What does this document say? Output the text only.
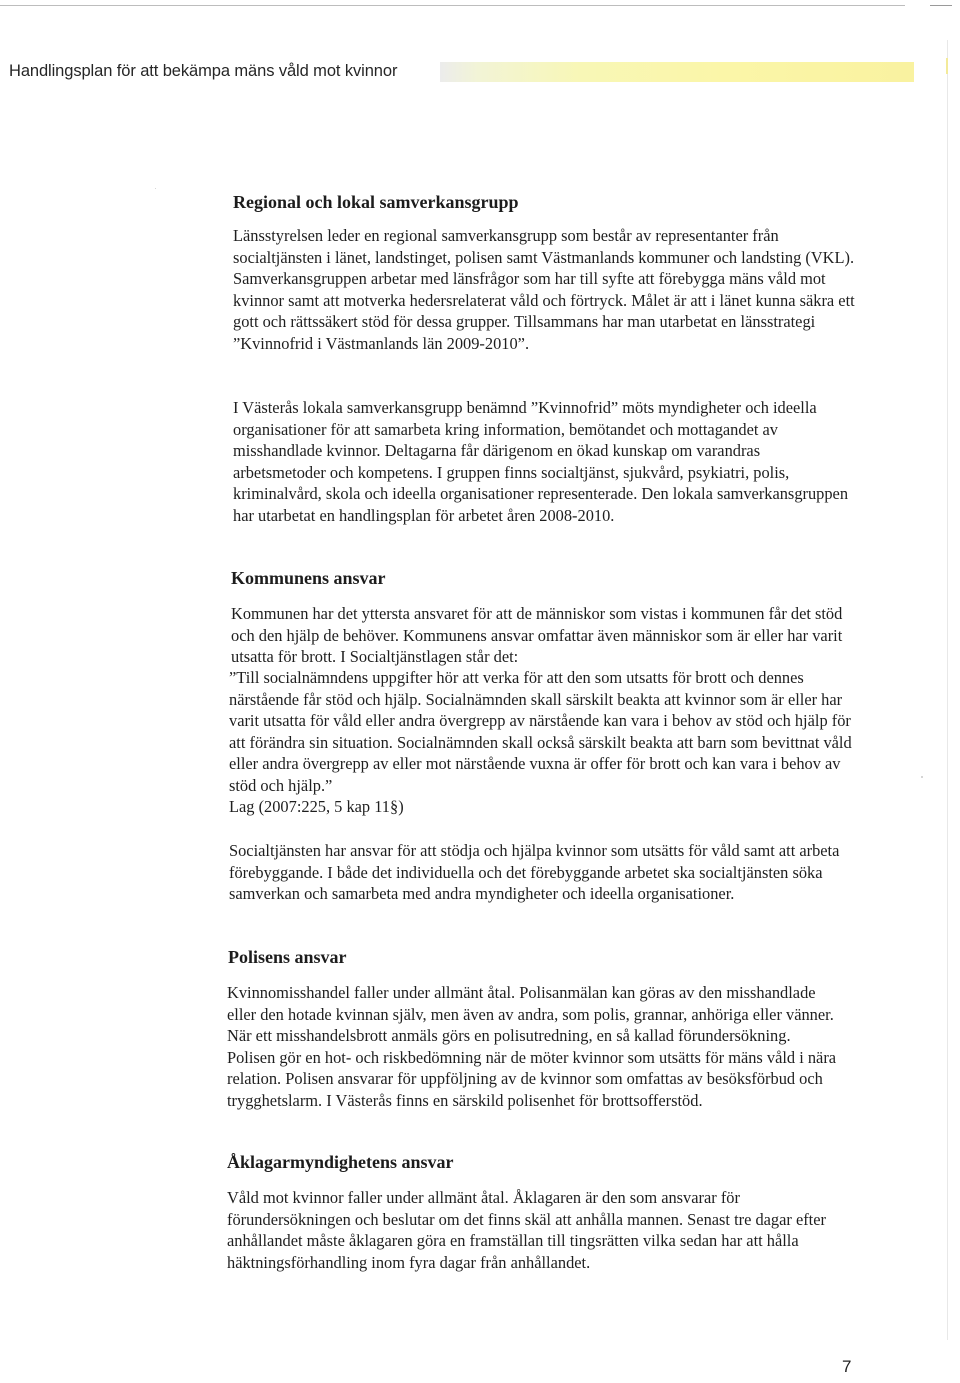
Handlingsplan för att bekämpa mäns våld mot kvinnor
Regional och lokal samverkansgrupp

Länsstyrelsen leder en regional samverkansgrupp som består av representanter från socialtjänsten i länet, landstinget, polisen samt Västmanlands kommuner och landsting (VKL). Samverkansgruppen arbetar med länsfrågor som har till syfte att förebygga mäns våld mot kvinnor samt att motverka hedersrelaterat våld och förtryck. Målet är att i länet kunna säkra ett gott och rättssäkert stöd för dessa grupper. Tillsammans har man utarbetat en länsstrategi ”Kvinnofrid i Västmanlands län 2009-2010”.

I Västerås lokala samverkansgrupp benämnd ”Kvinnofrid” möts myndigheter och ideella organisationer för att samarbeta kring information, bemötandet och mottagandet av misshandlade kvinnor. Deltagarna får därigenom en ökad kunskap om varandras arbetsmetoder och kompetens. I gruppen finns socialtjänst, sjukvård, psykiatri, polis, kriminalvård, skola och ideella organisationer representerade. Den lokala samverkansgruppen har utarbetat en handlingsplan för arbetet åren 2008-2010.

Kommunens ansvar

Kommunen har det yttersta ansvaret för att de människor som vistas i kommunen får det stöd och den hjälp de behöver. Kommunens ansvar omfattar även människor som är eller har varit utsatta för brott. I Socialtjänstlagen står det:

”Till socialnämndens uppgifter hör att verka för att den som utsatts för brott och dennes närstående får stöd och hjälp. Socialnämnden skall särskilt beakta att kvinnor som är eller har varit utsatta för våld eller andra övergrepp av närstående kan vara i behov av stöd och hjälp för att förändra sin situation. Socialnämnden skall också särskilt beakta att barn som bevittnat våld eller andra övergrepp av eller mot närstående vuxna är offer för brott och kan vara i behov av stöd och hjälp.”

Lag (2007:225, 5 kap 11§)

Socialtjänsten har ansvar för att stödja och hjälpa kvinnor som utsätts för våld samt att arbeta förebyggande. I både det individuella och det förebyggande arbetet ska socialtjänsten söka samverkan och samarbeta med andra myndigheter och ideella organisationer.

Polisens ansvar

Kvinnomisshandel faller under allmänt åtal. Polisanmälan kan göras av den misshandlade eller den hotade kvinnan själv, men även av andra, som polis, grannar, anhöriga eller vänner. När ett misshandelsbrott anmäls görs en polisutredning, en så kallad förundersökning. Polisen gör en hot- och riskbedömning när de möter kvinnor som utsätts för mäns våld i nära relation. Polisen ansvarar för uppföljning av de kvinnor som omfattas av besöksförbud och trygghetslarm. I Västerås finns en särskild polisenhet för brottsofferstöd.

Åklagarmyndighetens ansvar

Våld mot kvinnor faller under allmänt åtal. Åklagaren är den som ansvarar för förundersökningen och beslutar om det finns skäl att anhålla mannen. Senast tre dagar efter anhållandet måste åklagaren göra en framställan till tingsrätten vilka sedan har att hålla häktningsförhandling inom fyra dagar från anhållandet.

7
